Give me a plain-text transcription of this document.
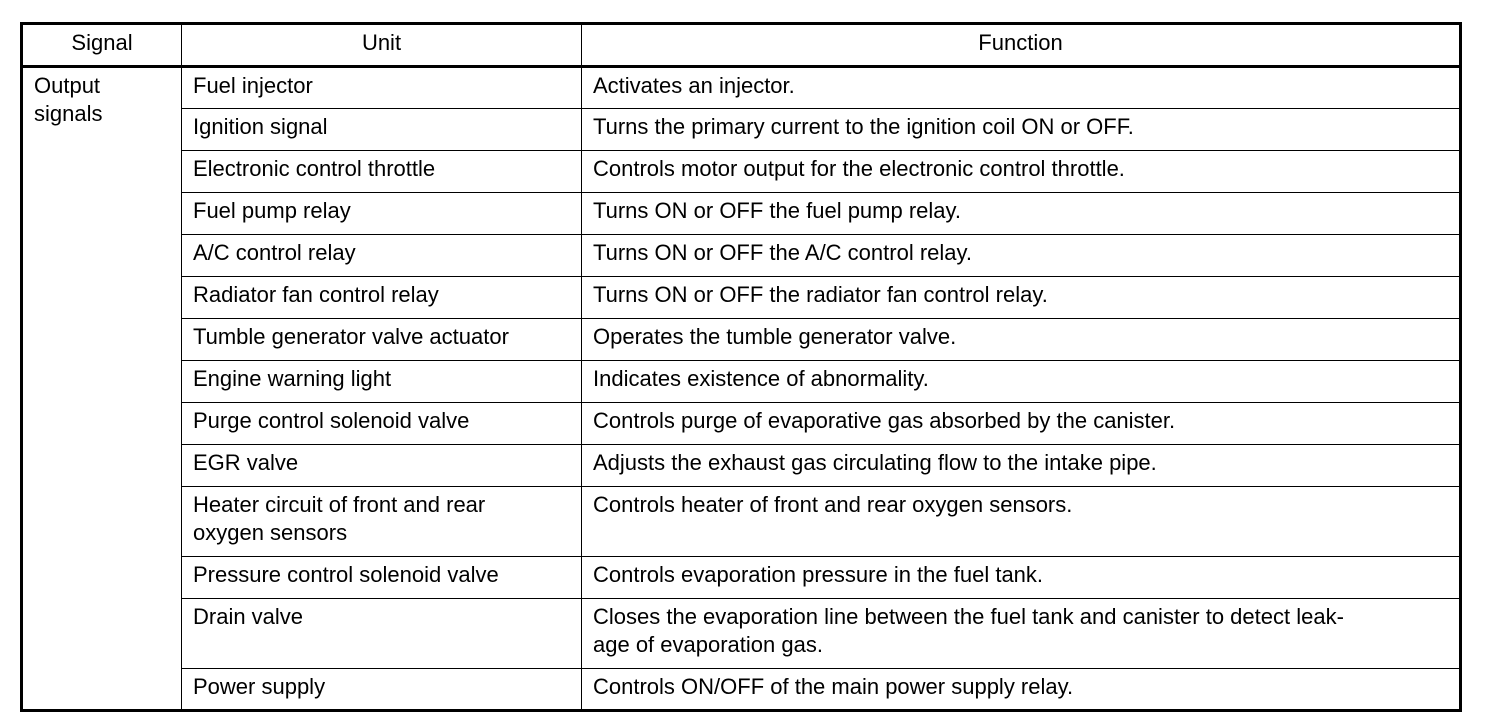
Signal	Unit	Function

Output
signals	Fuel injector	Activates an injector.
	Ignition signal	Turns the primary current to the ignition coil ON or OFF.
	Electronic control throttle	Controls motor output for the electronic control throttle.
	Fuel pump relay	Turns ON or OFF the fuel pump relay.
	A/C control relay	Turns ON or OFF the A/C control relay.
	Radiator fan control relay	Turns ON or OFF the radiator fan control relay.
	Tumble generator valve actuator	Operates the tumble generator valve.
	Engine warning light	Indicates existence of abnormality.
	Purge control solenoid valve	Controls purge of evaporative gas absorbed by the canister.
	EGR valve	Adjusts the exhaust gas circulating flow to the intake pipe.

	Heater circuit of front and rear
oxygen sensors	Controls heater of front and rear oxygen sensors.
	Pressure control solenoid valve	Controls evaporation pressure in the fuel tank.
	Drain valve	Closes the evaporation line between the fuel tank and canister to detect leak-
age of evaporation gas.

	Power supply	Controls ON/OFF of the main power supply relay.
